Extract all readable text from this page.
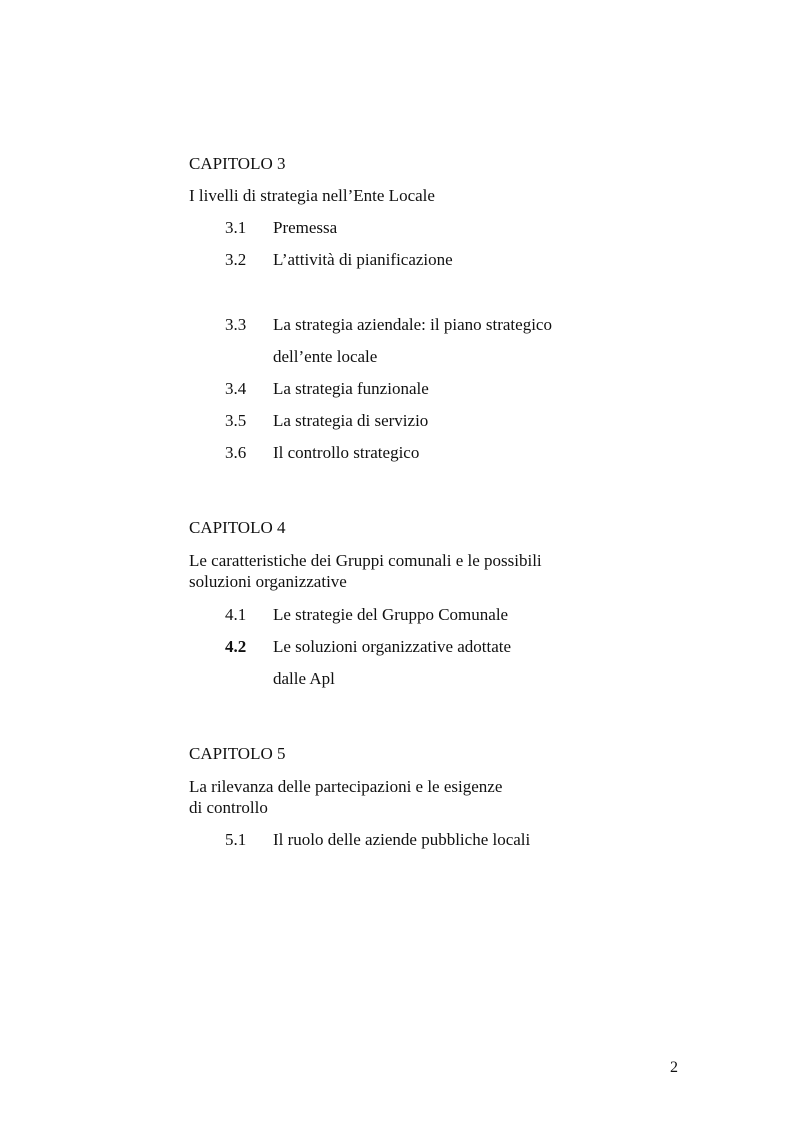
CAPITOLO 3
I livelli di strategia nell’Ente Locale
3.1 Premessa
3.2 L’attività di pianificazione
3.3 La strategia aziendale: il piano strategico
dell’ente locale
3.4 La strategia funzionale
3.5 La strategia di servizio
3.6 Il controllo strategico
CAPITOLO 4
Le caratteristiche dei Gruppi comunali e le possibili
soluzioni organizzative
4.1 Le strategie del Gruppo Comunale
4.2 Le soluzioni organizzative adottate
dalle Apl
CAPITOLO 5
La rilevanza delle partecipazioni e le esigenze
di controllo
5.1 Il ruolo delle aziende pubbliche locali
2
